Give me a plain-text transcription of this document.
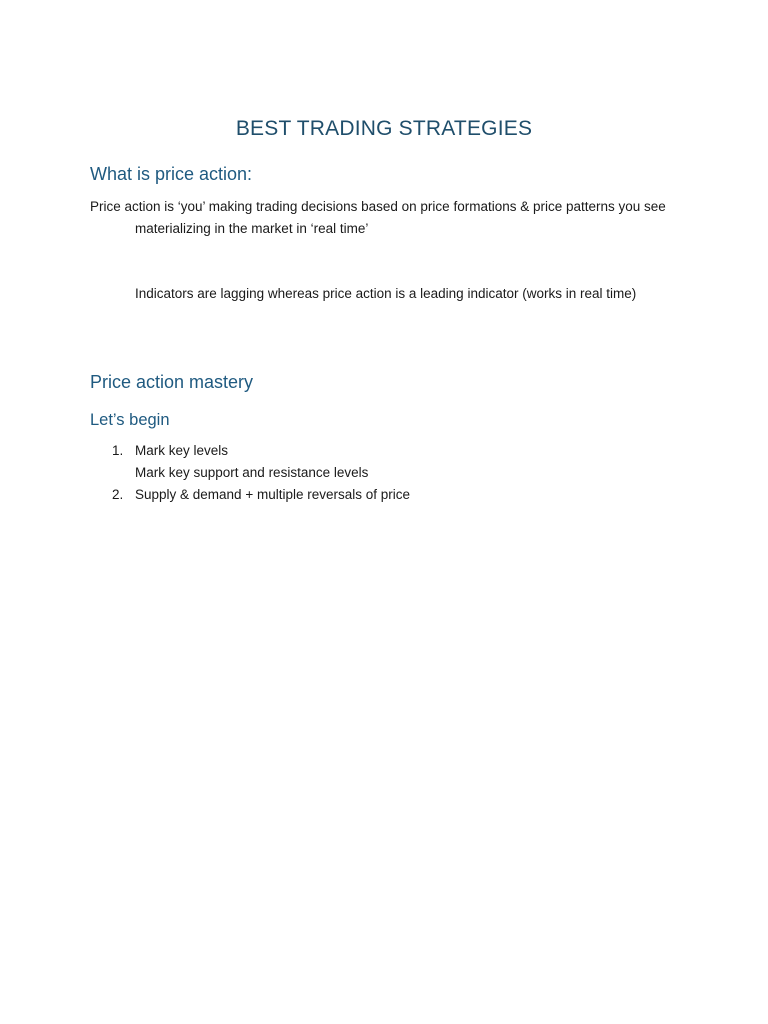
BEST TRADING STRATEGIES
What is price action:

Price action is ‘you’ making trading decisions based on price formations & price patterns you see materializing in the market in ‘real time’

Indicators are lagging whereas price action is a leading indicator (works in real time)

Price action mastery
Let’s begin
1. Mark key levels
Mark key support and resistance levels
2. Supply & demand + multiple reversals of price
